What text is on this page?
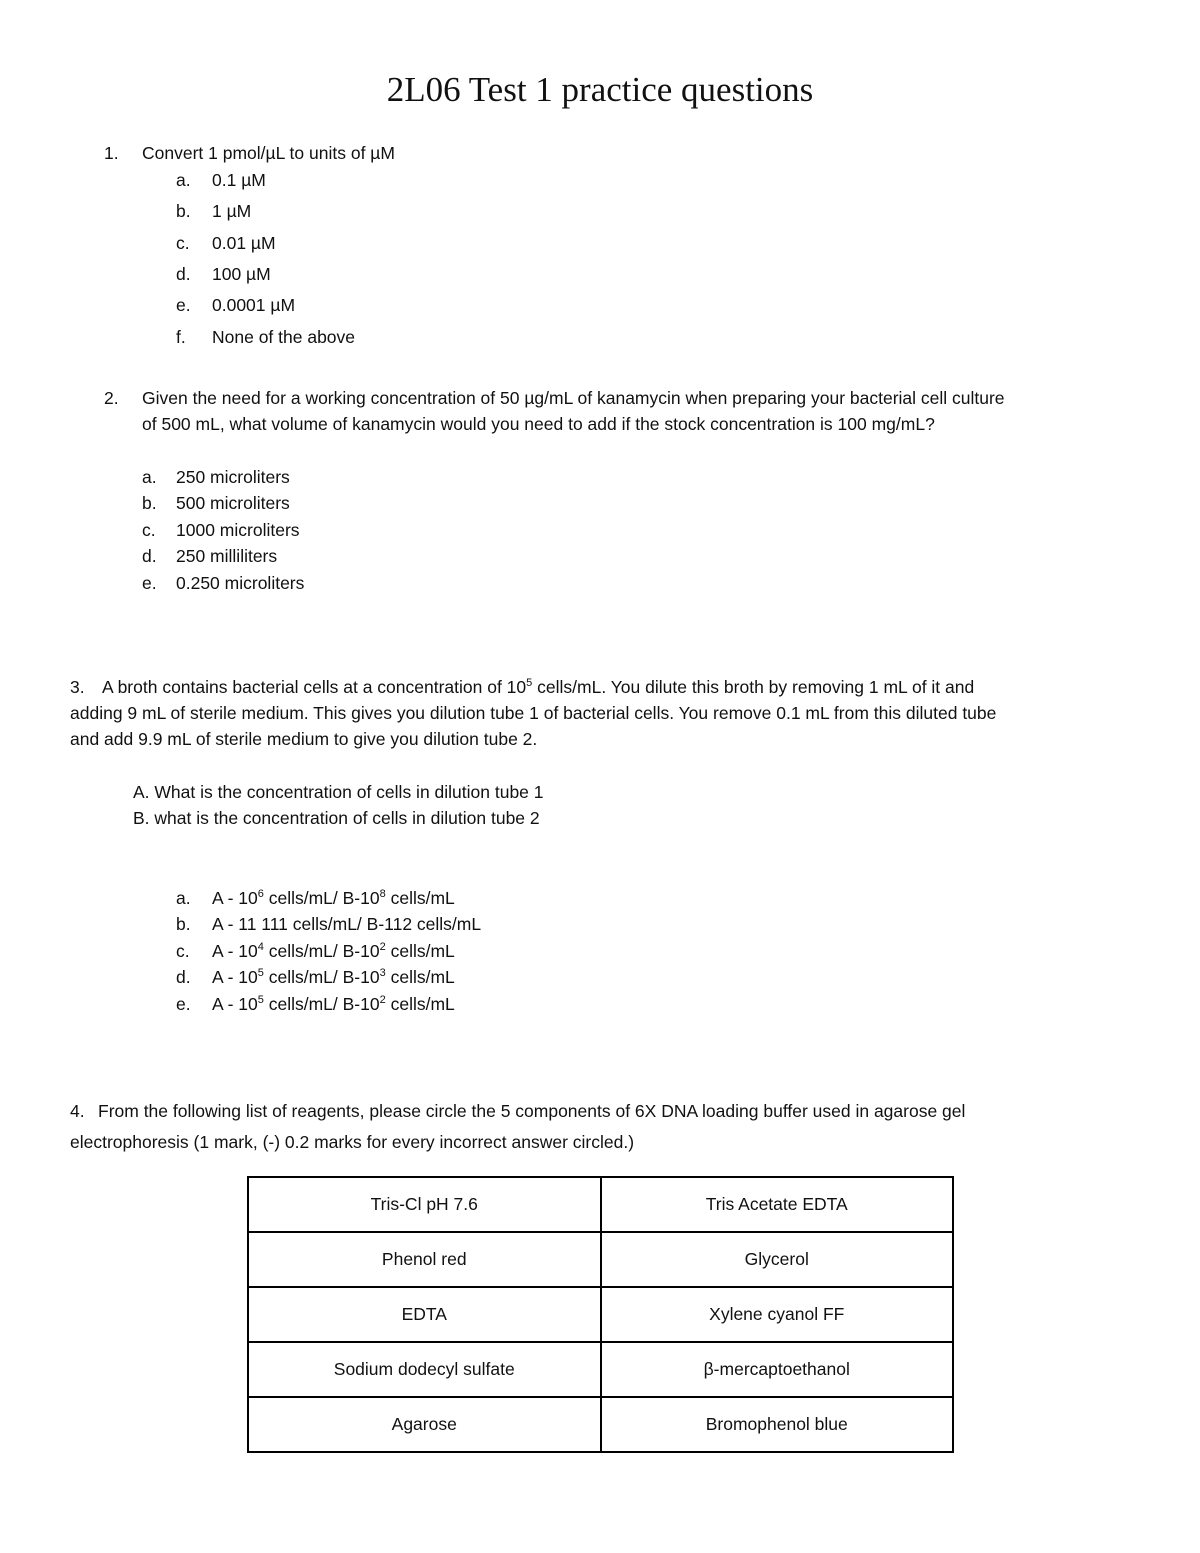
2L06 Test 1 practice questions
1. Convert 1 pmol/µL to units of µM
a. 0.1 µM
b. 1 µM
c. 0.01 µM
d. 100 µM
e. 0.0001 µM
f. None of the above
2. Given the need for a working concentration of 50 µg/mL of kanamycin when preparing your bacterial cell culture
of 500 mL, what volume of kanamycin would you need to add if the stock concentration is 100 mg/mL?
a. 250 microliters
b. 500 microliters
c. 1000 microliters
d. 250 milliliters
e. 0.250 microliters
3. A broth contains bacterial cells at a concentration of $10^5$ cells/mL. You dilute this broth by removing 1 mL of it and
adding 9 mL of sterile medium. This gives you dilution tube 1 of bacterial cells. You remove 0.1 mL from this diluted tube
and add 9.9 mL of sterile medium to give you dilution tube 2.
A. What is the concentration of cells in dilution tube 1
B. what is the concentration of cells in dilution tube 2
a. A - $10^6$ cells/mL/ $B-10^8$ cells/mL
b. A - 11 111 cells/mL/ B-112 cells/mL
c. A - $10^4$ cells/mL/ $B-10^2$ cells/mL
d. A - $10^5$ cells/mL/ $B-10^3$ cells/mL
e. A - $10^5$ cells/mL/ $B-10^2$ cells/mL
4. From the following list of reagents, please circle the 5 components of 6X DNA loading buffer used in agarose gel
electrophoresis (1 mark, (-) 0.2 marks for every incorrect answer circled.)
Tris-Cl pH 7.6	Tris Acetate EDTA
Phenol red	Glycerol
EDTA	Xylene cyanol FF
Sodium dodecyl sulfate	β-mercaptoethanol
Agarose	Bromophenol blue
